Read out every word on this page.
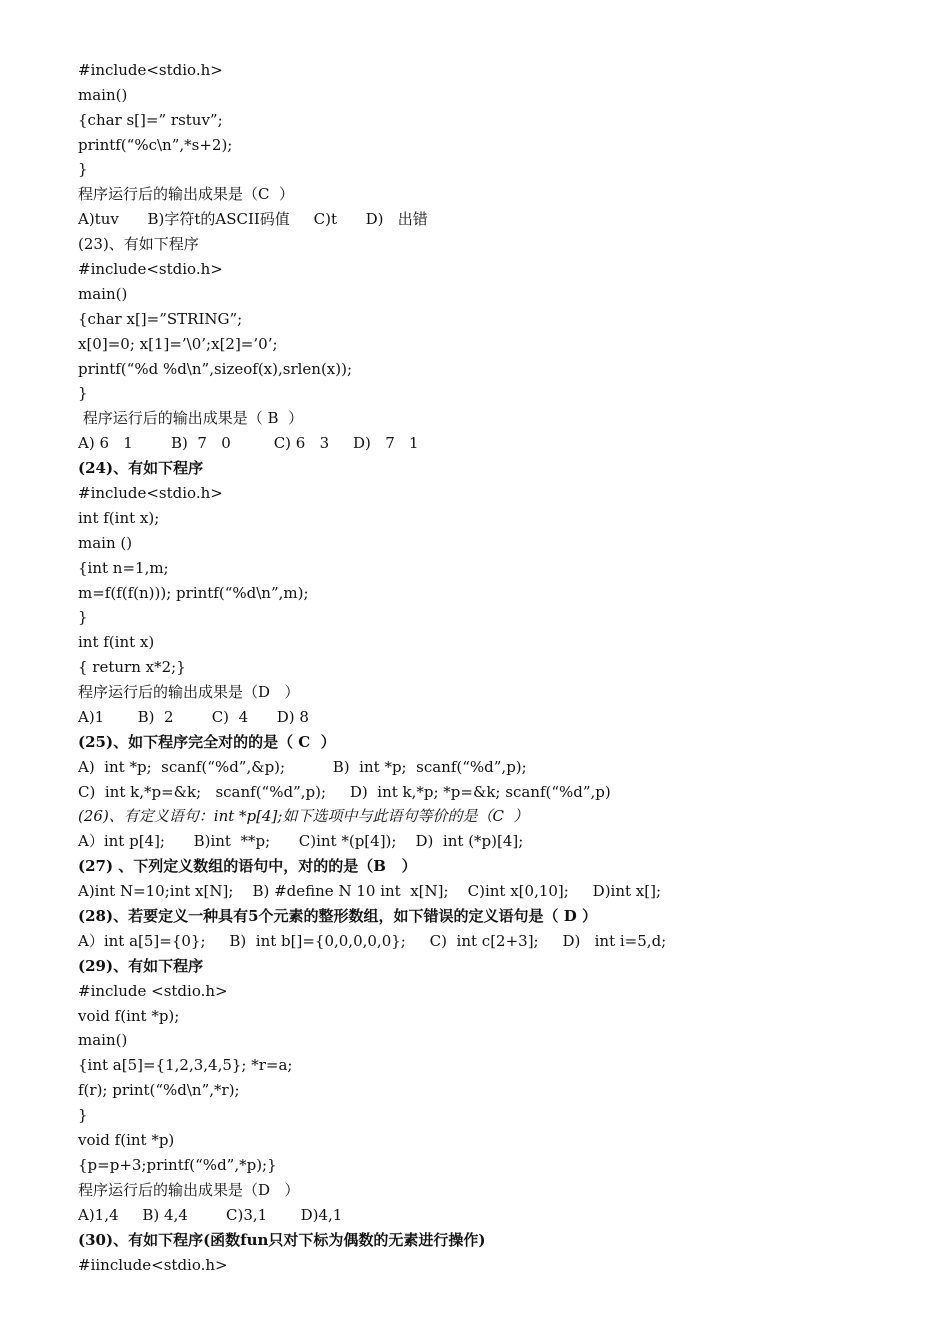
#include<stdio.h>
main()
{char s[]=” rstuv”;
printf(“%c\n”,*s+2);
}
程序运行后的输出成果是（C  ）
A)tuv      B)字符t的ASCII码值     C)t      D)   出错
(23)、有如下程序
#include<stdio.h>
main()
{char x[]=”STRING”;
x[0]=0; x[1]=’\0’;x[2]=’0’;
printf(“%d %d\n”,sizeof(x),srlen(x));
}
程序运行后的输出成果是（ B  ）
A) 6   1        B)  7   0         C) 6   3     D)   7   1
(24)、有如下程序
#include<stdio.h>
int f(int x);
main ()
{int n=1,m;
m=f(f(f(n))); printf(“%d\n”,m);
}
int f(int x)
{ return x*2;}
程序运行后的输出成果是（D   ）
A)1       B)  2        C)  4      D) 8
(25)、如下程序完全对的的是（ C  ）
A)  int *p;  scanf(“%d”,&p);          B)  int *p;  scanf(“%d”,p);
C)  int k,*p=&k;   scanf(“%d”,p);     D)  int k,*p; *p=&k; scanf(“%d”,p)
(26)、有定义语句：int *p[4];如下选项中与此语句等价的是（C  ）
A）int p[4];      B)int  **p;      C)int *(p[4]);    D)  int (*p)[4];
(27) 、下列定义数组的语句中，对的的是（B   ）
A)int N=10;int x[N];    B) #define N 10 int  x[N];    C)int x[0,10];     D)int x[];
(28)、若要定义一种具有5个元素的整形数组，如下错误的定义语句是（ D ）
A）int a[5]={0};     B)  int b[]={0,0,0,0,0};     C)  int c[2+3];     D)   int i=5,d;
(29)、有如下程序
#include <stdio.h>
void f(int *p);
main()
{int a[5]={1,2,3,4,5}; *r=a;
f(r); print(“%d\n”,*r);
}
void f(int *p)
{p=p+3;printf(“%d”,*p);}
程序运行后的输出成果是（D   ）
A)1,4     B) 4,4        C)3,1       D)4,1
(30)、有如下程序(函数fun只对下标为偶数的无素进行操作)
#iinclude<stdio.h>
